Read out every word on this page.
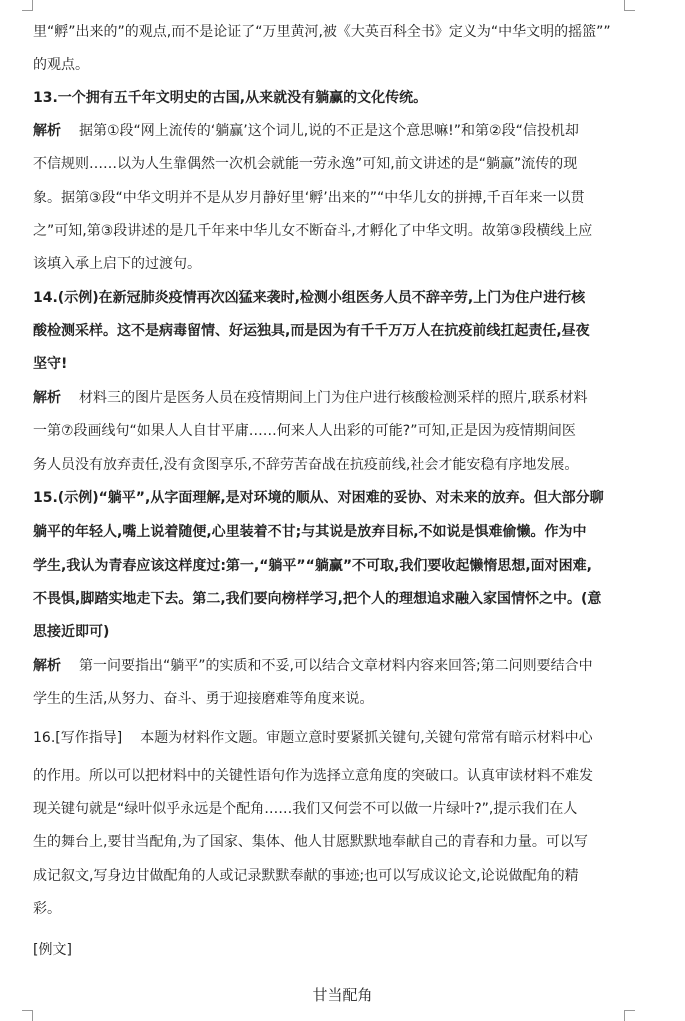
里“孵”出来的”的观点,而不是论证了“万里黄河,被《大英百科全书》定义为“中华文明的摇篮””
的观点。
13.一个拥有五千年文明史的古国,从来就没有躺赢的文化传统。
解析 据第①段“网上流传的‘躺赢’这个词儿,说的不正是这个意思嘛!”和第②段“信投机却
不信规则……以为人生靠偶然一次机会就能一劳永逸”可知,前文讲述的是“躺赢”流传的现
象。据第③段“中华文明并不是从岁月静好里‘孵’出来的”“中华儿女的拼搏,千百年来一以贯
之”可知,第③段讲述的是几千年来中华儿女不断奋斗,才孵化了中华文明。故第③段横线上应
该填入承上启下的过渡句。
14.(示例)在新冠肺炎疫情再次凶猛来袭时,检测小组医务人员不辞辛劳,上门为住户进行核
酸检测采样。这不是病毒留情、好运独具,而是因为有千千万万人在抗疫前线扛起责任,昼夜
坚守!
解析 材料三的图片是医务人员在疫情期间上门为住户进行核酸检测采样的照片,联系材料
一第⑦段画线句“如果人人自甘平庸……何来人人出彩的可能?”可知,正是因为疫情期间医
务人员没有放弃责任,没有贪图享乐,不辞劳苦奋战在抗疫前线,社会才能安稳有序地发展。
15.(示例)“躺平”,从字面理解,是对环境的顺从、对困难的妥协、对未来的放弃。但大部分聊
躺平的年轻人,嘴上说着随便,心里装着不甘;与其说是放弃目标,不如说是惧难偷懒。作为中
学生,我认为青春应该这样度过:第一,“躺平”“躺赢”不可取,我们要收起懒惰思想,面对困难,
不畏惧,脚踏实地走下去。第二,我们要向榜样学习,把个人的理想追求融入家国情怀之中。(意
思接近即可)
解析 第一问要指出“躺平”的实质和不妥,可以结合文章材料内容来回答;第二问则要结合中
学生的生活,从努力、奋斗、勇于迎接磨难等角度来说。
16.[写作指导] 本题为材料作文题。审题立意时要紧抓关键句,关键句常常有暗示材料中心
的作用。所以可以把材料中的关键性语句作为选择立意角度的突破口。认真审读材料不难发
现关键句就是“绿叶似乎永远是个配角……我们又何尝不可以做一片绿叶?”,提示我们在人
生的舞台上,要甘当配角,为了国家、集体、他人甘愿默默地奉献自己的青春和力量。可以写
成记叙文,写身边甘做配角的人或记录默默奉献的事迹;也可以写成议论文,论说做配角的精
彩。
[例文]
甘当配角
